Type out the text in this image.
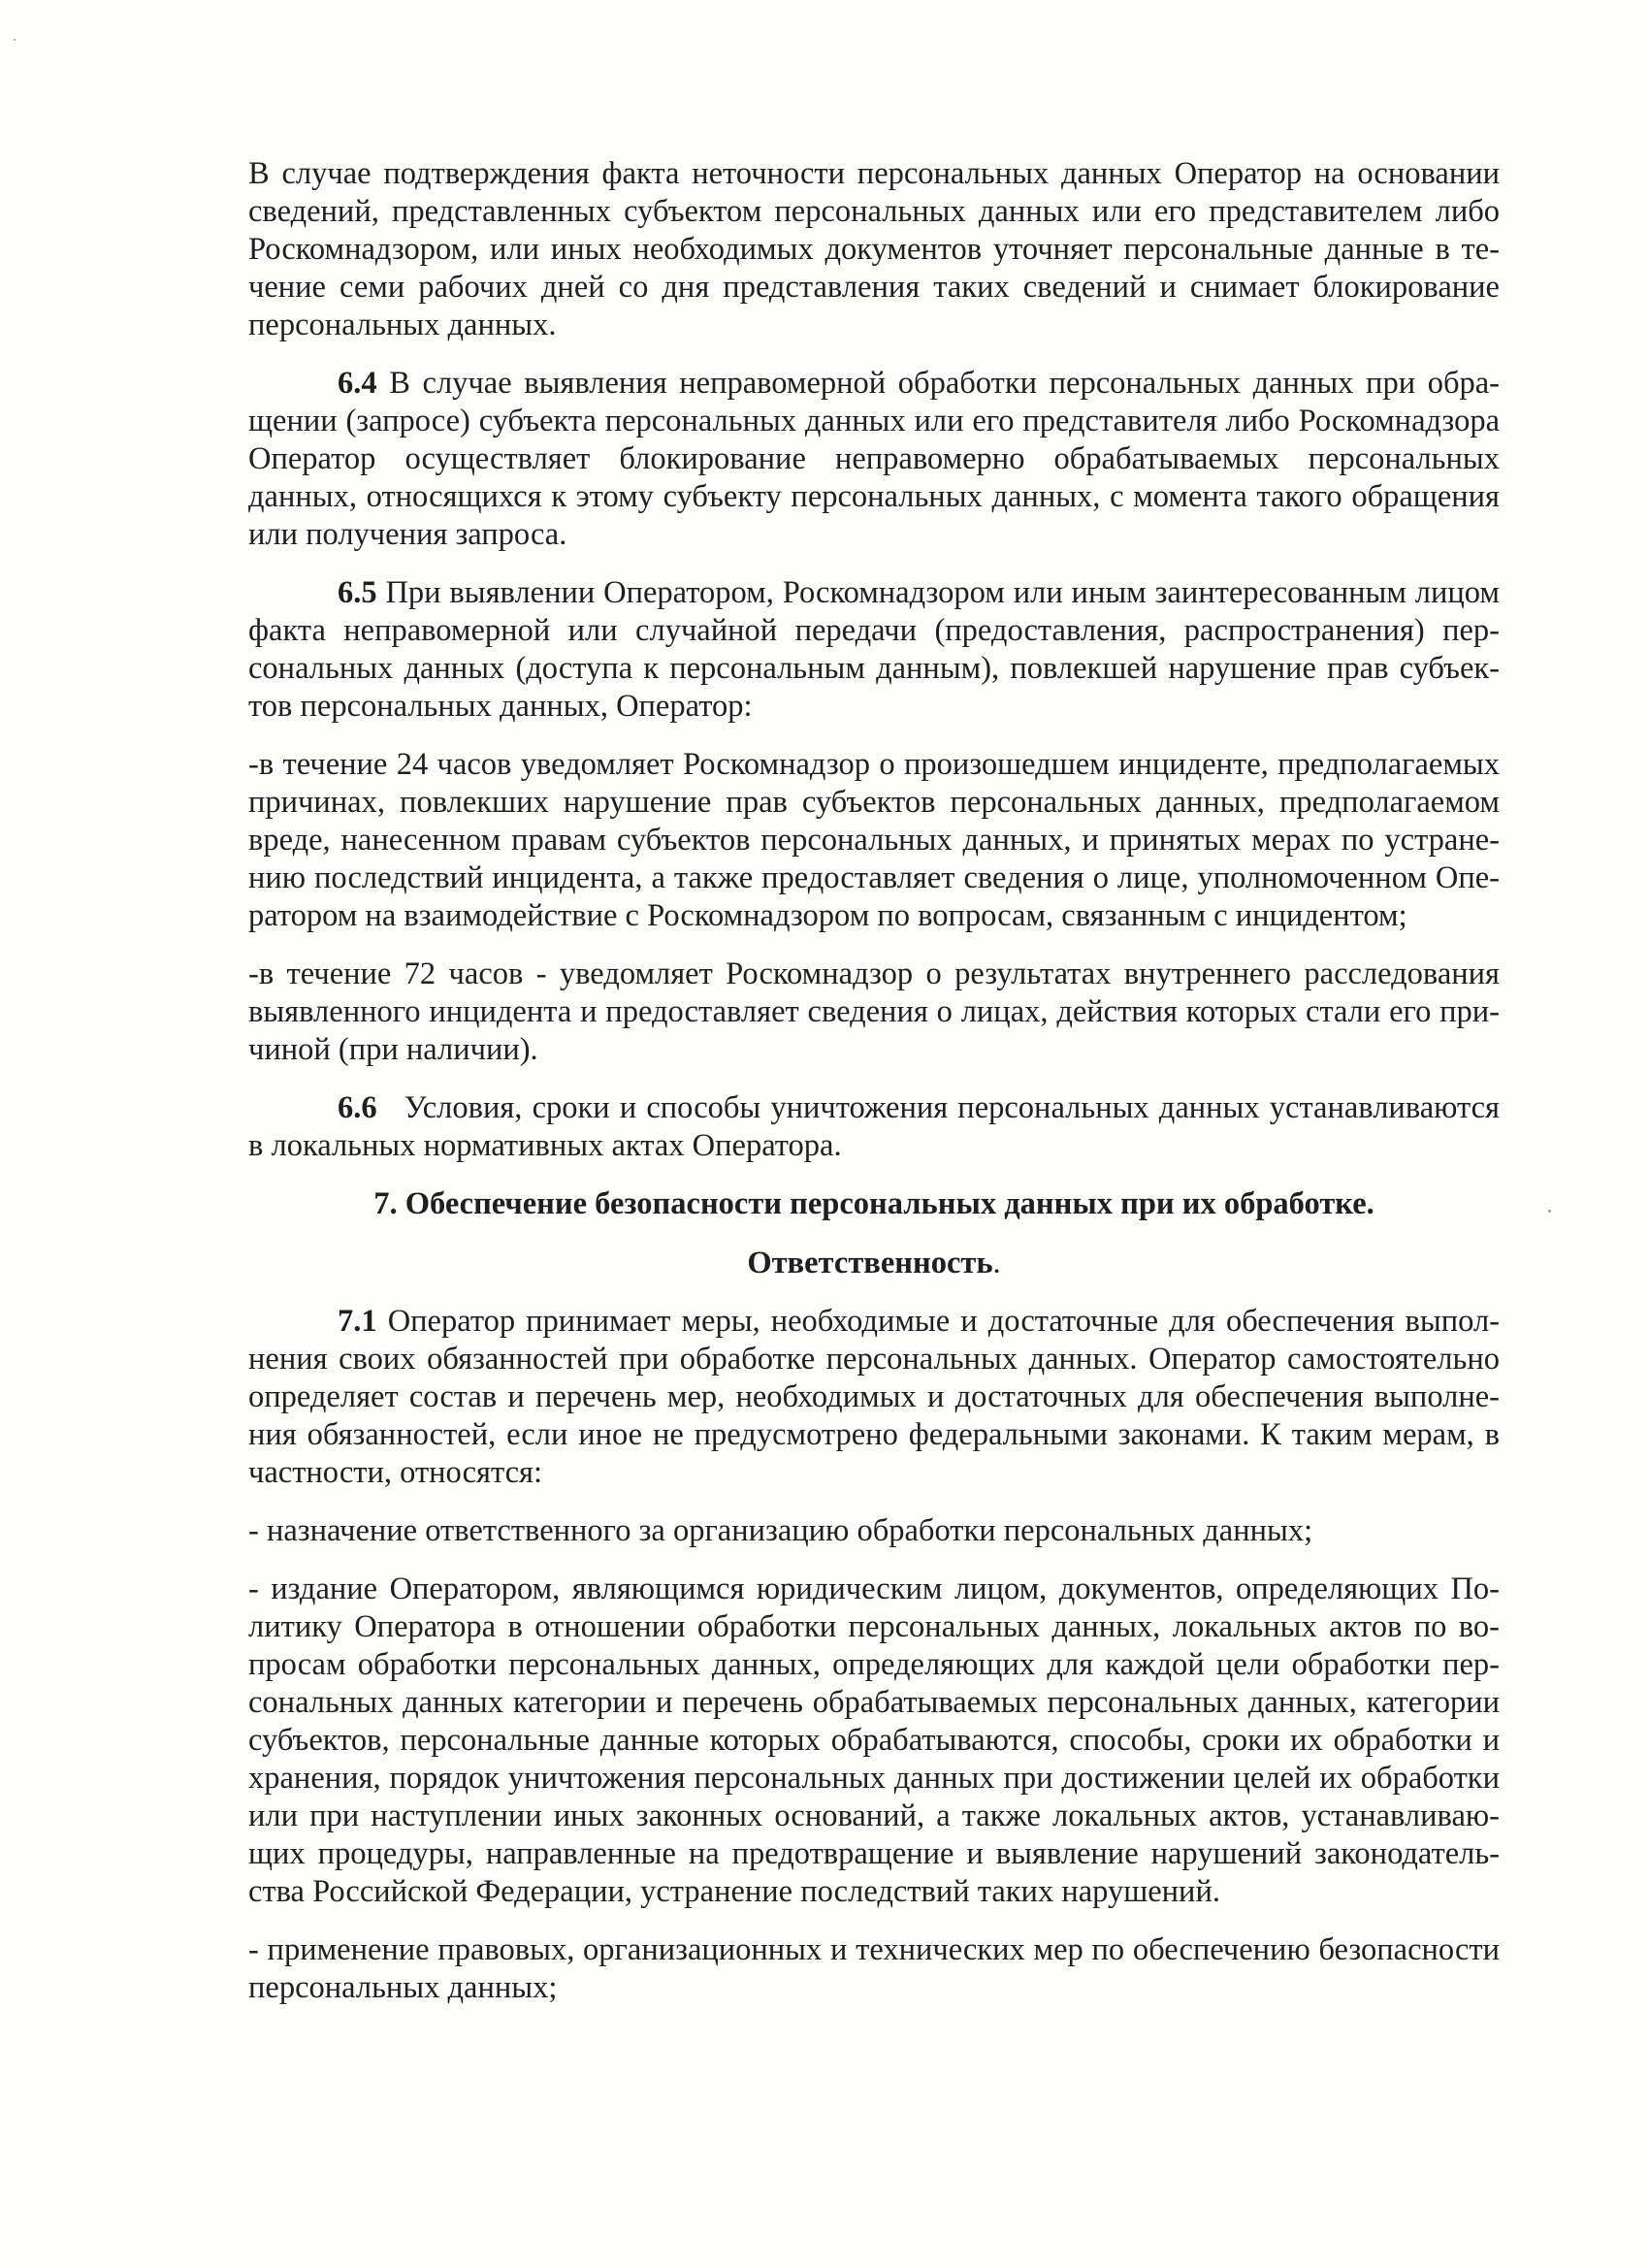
В случае подтверждения факта неточности персональных данных Оператор на основании сведений, представленных субъектом персональных данных или его представителем либо Роскомнадзором, или иных необходимых документов уточняет персональные данные в течение семи рабочих дней со дня представления таких сведений и снимает блокирование персональных данных.

6.4 В случае выявления неправомерной обработки персональных данных при обращении (запросе) субъекта персональных данных или его представителя либо Роскомнадзора Оператор осуществляет блокирование неправомерно обрабатываемых персональных данных, относящихся к этому субъекту персональных данных, с момента такого обращения или получения запроса.

6.5 При выявлении Оператором, Роскомнадзором или иным заинтересованным лицом факта неправомерной или случайной передачи (предоставления, распространения) персональных данных (доступа к персональным данным), повлекшей нарушение прав субъектов персональных данных, Оператор:

-в течение 24 часов уведомляет Роскомнадзор о произошедшем инциденте, предполагаемых причинах, повлекших нарушение прав субъектов персональных данных, предполагаемом вреде, нанесенном правам субъектов персональных данных, и принятых мерах по устранению последствий инцидента, а также предоставляет сведения о лице, уполномоченном Оператором на взаимодействие с Роскомнадзором по вопросам, связанным с инцидентом;

-в течение 72 часов - уведомляет Роскомнадзор о результатах внутреннего расследования выявленного инцидента и предоставляет сведения о лицах, действия которых стали его причиной (при наличии).

6.6 Условия, сроки и способы уничтожения персональных данных устанавливаются в локальных нормативных актах Оператора.

7. Обеспечение безопасности персональных данных при их обработке.

Ответственность.

7.1 Оператор принимает меры, необходимые и достаточные для обеспечения выполнения своих обязанностей при обработке персональных данных. Оператор самостоятельно определяет состав и перечень мер, необходимых и достаточных для обеспечения выполнения обязанностей, если иное не предусмотрено федеральными законами. К таким мерам, в частности, относятся:

- назначение ответственного за организацию обработки персональных данных;

- издание Оператором, являющимся юридическим лицом, документов, определяющих Политику Оператора в отношении обработки персональных данных, локальных актов по вопросам обработки персональных данных, определяющих для каждой цели обработки персональных данных категории и перечень обрабатываемых персональных данных, категории субъектов, персональные данные которых обрабатываются, способы, сроки их обработки и хранения, порядок уничтожения персональных данных при достижении целей их обработки или при наступлении иных законных оснований, а также локальных актов, устанавливающих процедуры, направленные на предотвращение и выявление нарушений законодательства Российской Федерации, устранение последствий таких нарушений.

- применение правовых, организационных и технических мер по обеспечению безопасности персональных данных;
